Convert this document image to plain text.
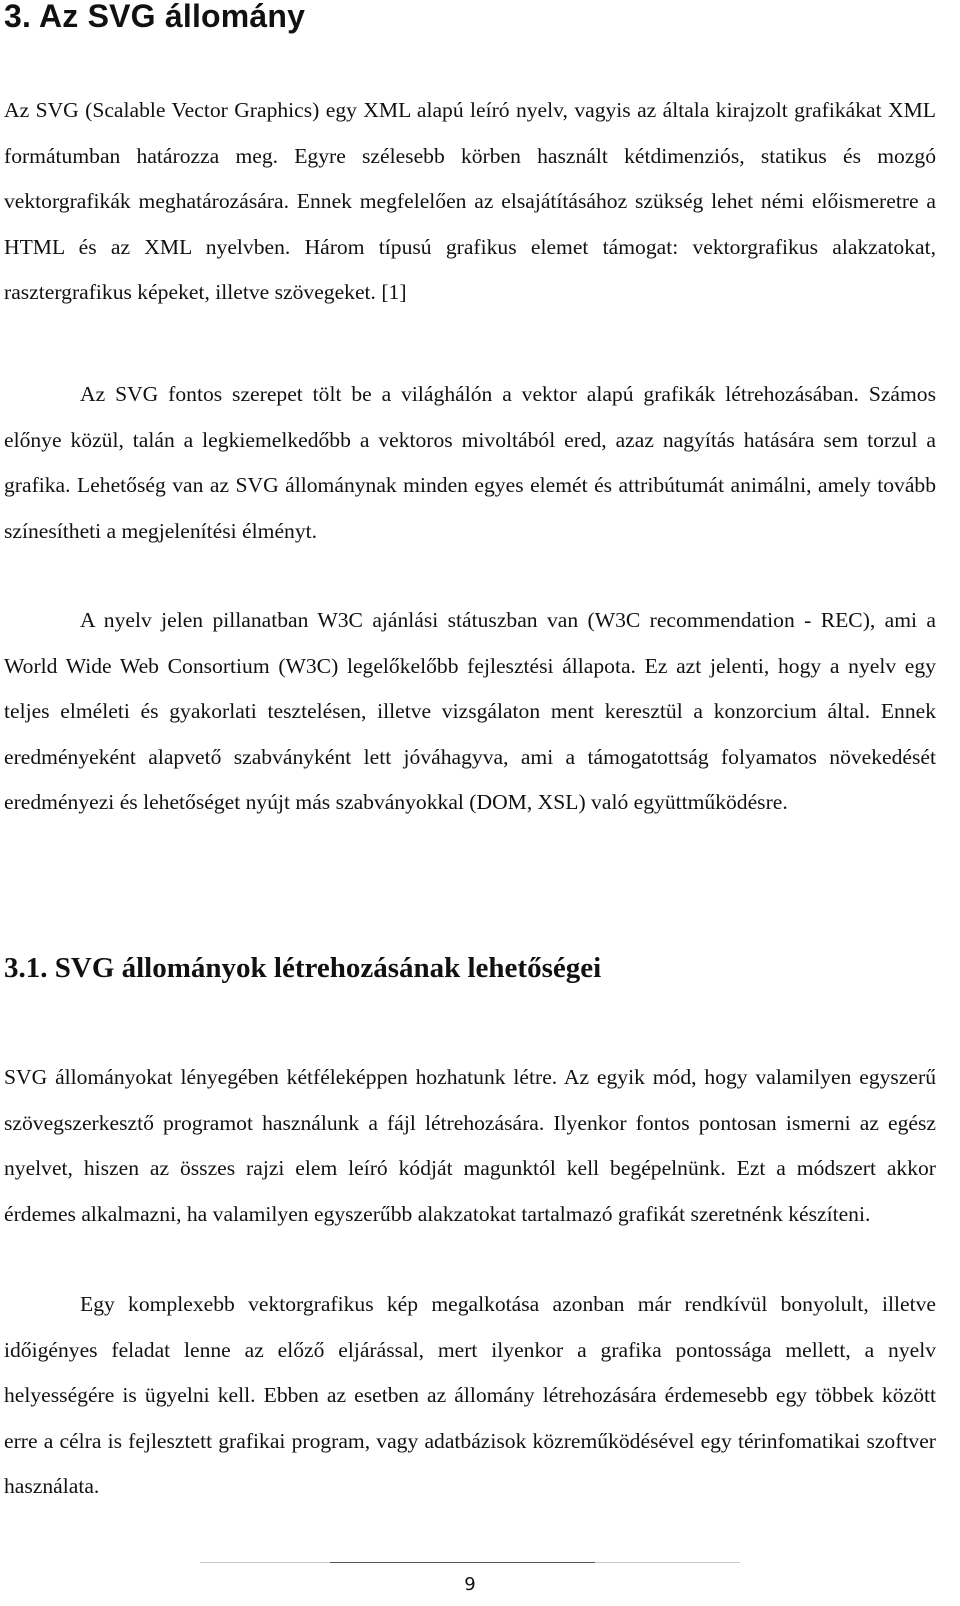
3. Az SVG állomány

Az SVG (Scalable Vector Graphics) egy XML alapú leíró nyelv, vagyis az általa kirajzolt grafikákat XML formátumban határozza meg. Egyre szélesebb körben használt kétdimenziós, statikus és mozgó vektorgrafikák meghatározására. Ennek megfelelően az elsajátításához szükség lehet némi előismeretre a HTML és az XML nyelvben. Három típusú grafikus elemet támogat: vektorgrafikus alakzatokat, rasztergrafikus képeket, illetve szövegeket. [1]

Az SVG fontos szerepet tölt be a világhálón a vektor alapú grafikák létrehozásában. Számos előnye közül, talán a legkiemelkedőbb a vektoros mivoltából ered, azaz nagyítás hatására sem torzul a grafika. Lehetőség van az SVG állománynak minden egyes elemét és attribútumát animálni, amely tovább színesítheti a megjelenítési élményt.

A nyelv jelen pillanatban W3C ajánlási státuszban van (W3C recommendation - REC), ami a World Wide Web Consortium (W3C) legelőkelőbb fejlesztési állapota. Ez azt jelenti, hogy a nyelv egy teljes elméleti és gyakorlati tesztelésen, illetve vizsgálaton ment keresztül a konzorcium által. Ennek eredményeként alapvető szabványként lett jóváhagyva, ami a támogatottság folyamatos növekedését eredményezi és lehetőséget nyújt más szabványokkal (DOM, XSL) való együttműködésre.

3.1. SVG állományok létrehozásának lehetőségei

SVG állományokat lényegében kétféleképpen hozhatunk létre. Az egyik mód, hogy valamilyen egyszerű szövegszerkesztő programot használunk a fájl létrehozására. Ilyenkor fontos pontosan ismerni az egész nyelvet, hiszen az összes rajzi elem leíró kódját magunktól kell begépelnünk. Ezt a módszert akkor érdemes alkalmazni, ha valamilyen egyszerűbb alakzatokat tartalmazó grafikát szeretnénk készíteni.

Egy komplexebb vektorgrafikus kép megalkotása azonban már rendkívül bonyolult, illetve időigényes feladat lenne az előző eljárással, mert ilyenkor a grafika pontossága mellett, a nyelv helyességére is ügyelni kell. Ebben az esetben az állomány létrehozására érdemesebb egy többek között erre a célra is fejlesztett grafikai program, vagy adatbázisok közreműködésével egy térinfomatikai szoftver használata.

9
